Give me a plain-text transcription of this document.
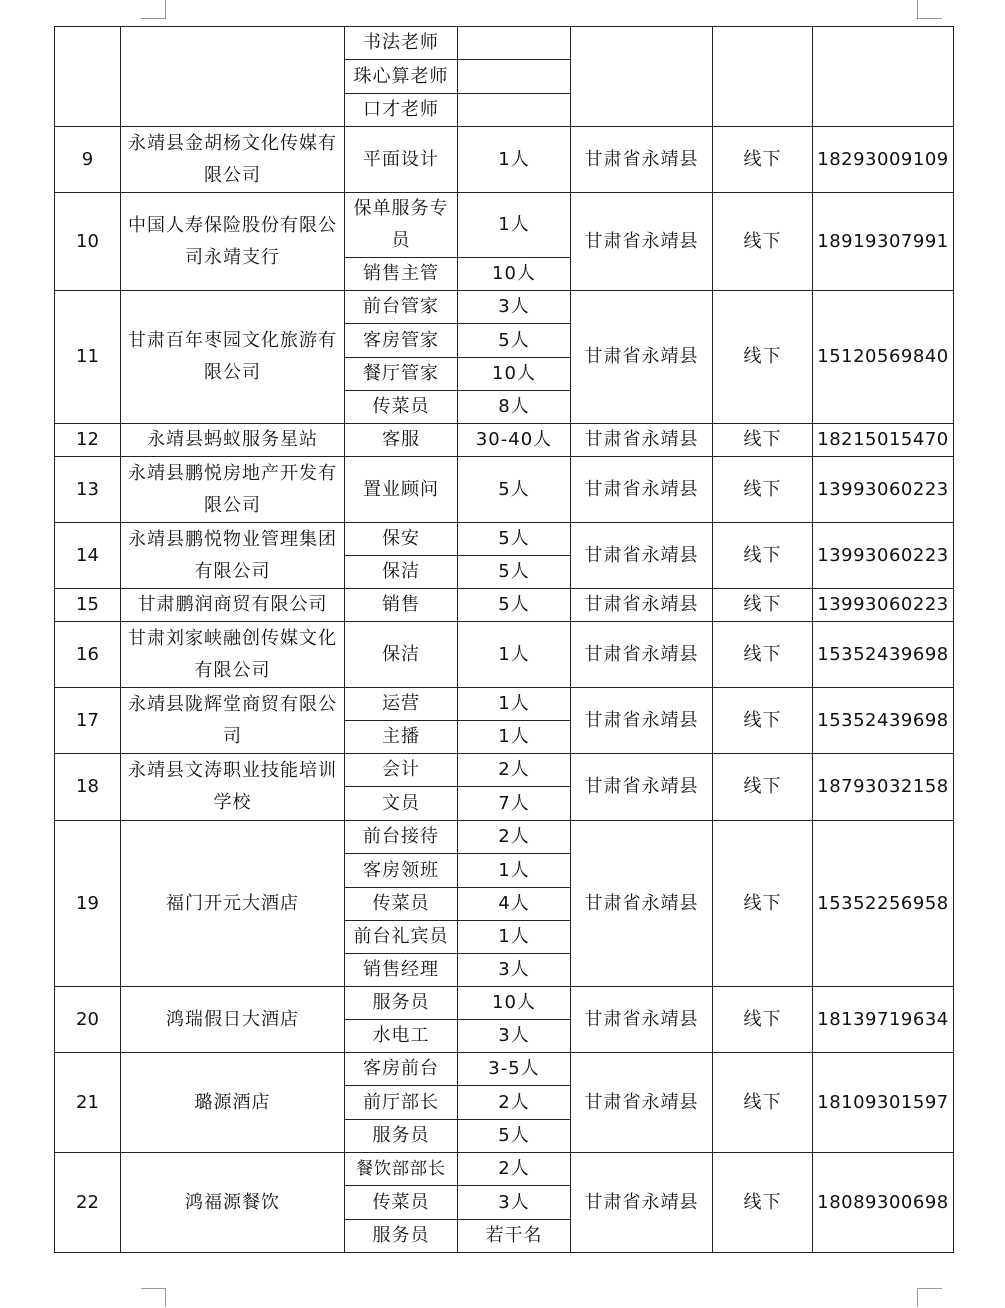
		书法老师				
		珠心算老师				
		口才老师				
9	永靖县金胡杨文化传媒有限公司	平面设计	1人	甘肃省永靖县	线下	18293009109
10	中国人寿保险股份有限公司永靖支行	保单服务专员	1人	甘肃省永靖县	线下	18919307991
		销售主管	10人			
11	甘肃百年枣园文化旅游有限公司	前台管家	3人	甘肃省永靖县	线下	15120569840
		客房管家	5人			
		餐厅管家	10人			
		传菜员	8人			
12	永靖县蚂蚁服务星站	客服	30-40人	甘肃省永靖县	线下	18215015470
13	永靖县鹏悦房地产开发有限公司	置业顾问	5人	甘肃省永靖县	线下	13993060223
14	永靖县鹏悦物业管理集团有限公司	保安	5人	甘肃省永靖县	线下	13993060223
		保洁	5人			
15	甘肃鹏润商贸有限公司	销售	5人	甘肃省永靖县	线下	13993060223
16	甘肃刘家峡融创传媒文化有限公司	保洁	1人	甘肃省永靖县	线下	15352439698
17	永靖县陇辉堂商贸有限公司	运营	1人	甘肃省永靖县	线下	15352439698
		主播	1人			
18	永靖县文涛职业技能培训学校	会计	2人	甘肃省永靖县	线下	18793032158
		文员	7人			
19	福门开元大酒店	前台接待	2人	甘肃省永靖县	线下	15352256958
		客房领班	1人			
		传菜员	4人			
		前台礼宾员	1人			
		销售经理	3人			
20	鸿瑞假日大酒店	服务员	10人	甘肃省永靖县	线下	18139719634
		水电工	3人			
21	璐源酒店	客房前台	3-5人	甘肃省永靖县	线下	18109301597
		前厅部长	2人			
		服务员	5人			
22	鸿福源餐饮	餐饮部部长	2人	甘肃省永靖县	线下	18089300698
		传菜员	3人			
		服务员	若干名			
